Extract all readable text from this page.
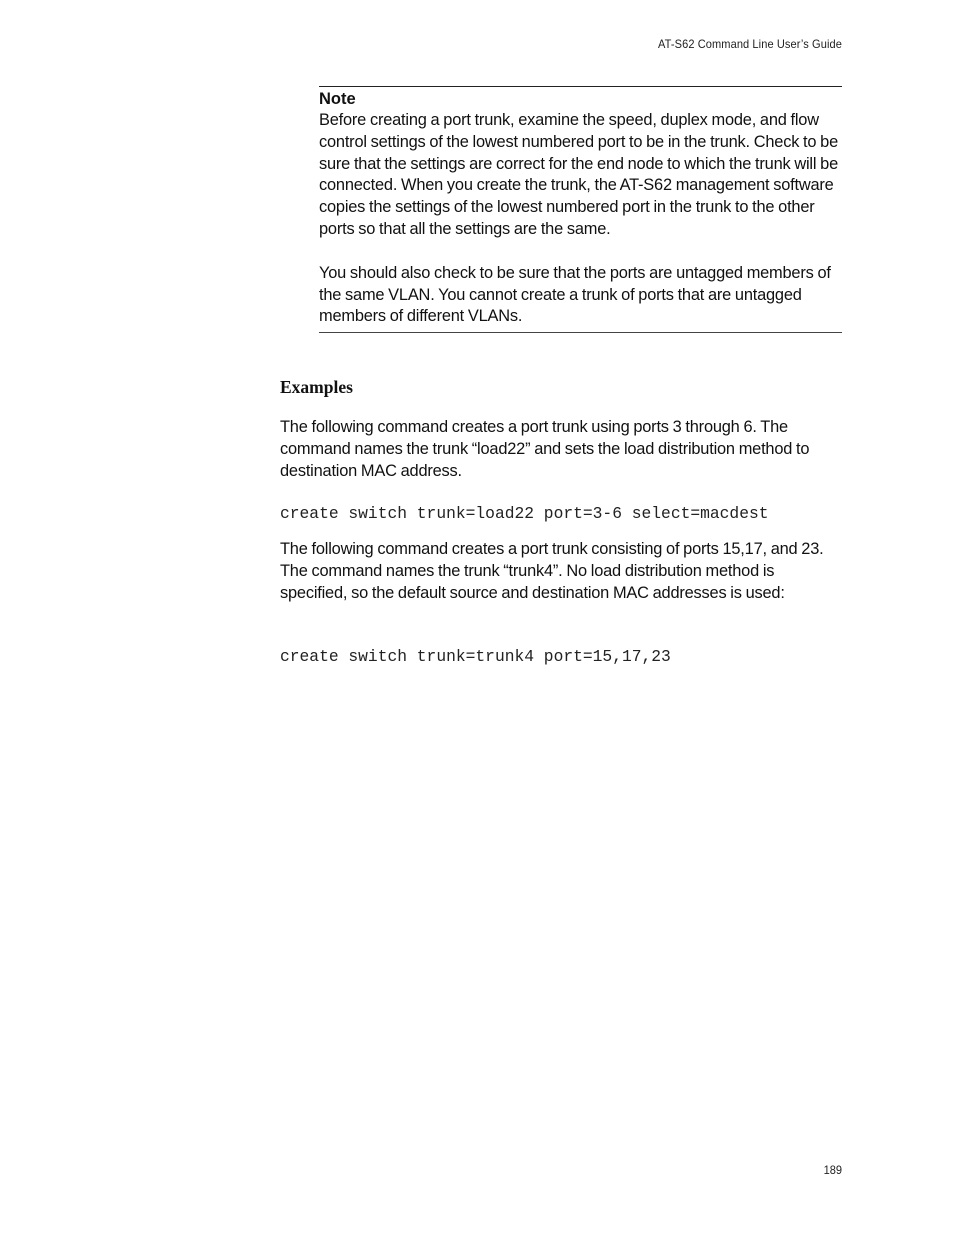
AT-S62 Command Line User’s Guide
Note

Before creating a port trunk, examine the speed, duplex mode, and flow control settings of the lowest numbered port to be in the trunk. Check to be sure that the settings are correct for the end node to which the trunk will be connected. When you create the trunk, the AT-S62 management software copies the settings of the lowest numbered port in the trunk to the other ports so that all the settings are the same.

You should also check to be sure that the ports are untagged members of the same VLAN. You cannot create a trunk of ports that are untagged members of different VLANs.

Examples

The following command creates a port trunk using ports 3 through 6. The command names the trunk “load22” and sets the load distribution method to destination MAC address.

create switch trunk=load22 port=3-6 select=macdest

The following command creates a port trunk consisting of ports 15,17, and 23. The command names the trunk “trunk4”. No load distribution method is specified, so the default source and destination MAC addresses is used:

create switch trunk=trunk4 port=15,17,23
189
